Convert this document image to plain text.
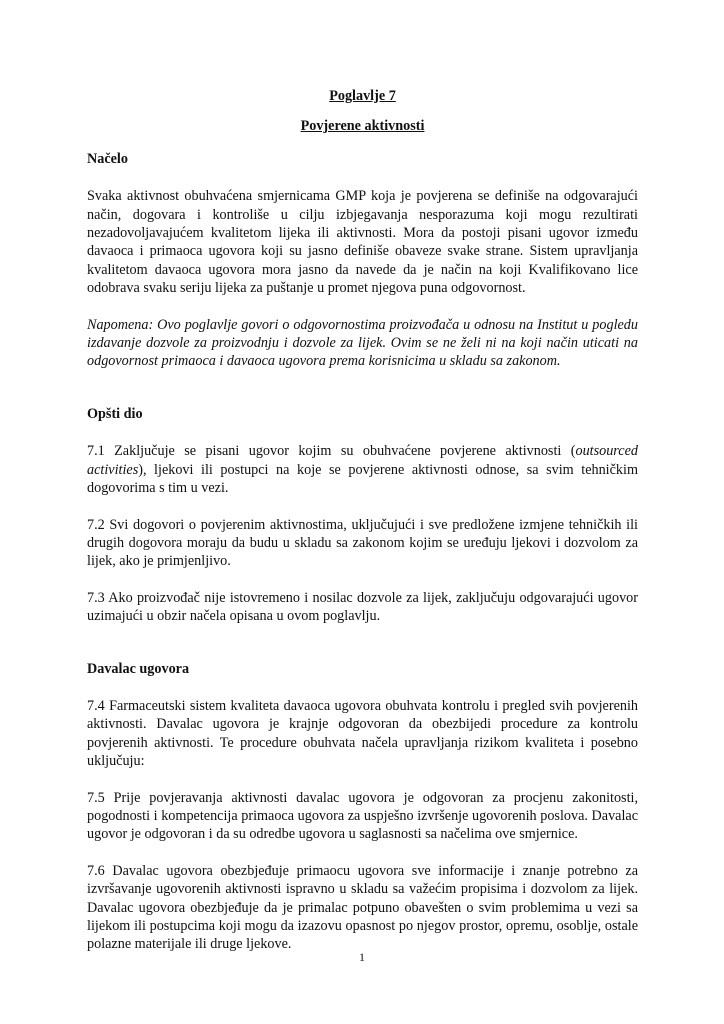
Poglavlje 7

Povjerene aktivnosti

Načelo

Svaka aktivnost obuhvaćena smjernicama GMP koja je povjerena se definiše na odgovarajući način, dogovara i kontroliše u cilju izbjegavanja nesporazuma koji mogu rezultirati nezadovoljavajućem kvalitetom lijeka ili aktivnosti. Mora da postoji pisani ugovor između davaoca i primaoca ugovora koji su jasno definiše obaveze svake strane. Sistem upravljanja kvalitetom davaoca ugovora mora jasno da navede da je način na koji Kvalifikovano lice odobrava svaku seriju lijeka za puštanje u promet njegova puna odgovornost.

Napomena: Ovo poglavlje govori o odgovornostima proizvođača u odnosu na Institut u pogledu izdavanje dozvole za proizvodnju i dozvole za lijek. Ovim se ne želi ni na koji način uticati na odgovornost primaoca i davaoca ugovora prema korisnicima u skladu sa zakonom.

Opšti dio

7.1 Zaključuje se pisani ugovor kojim su obuhvaćene povjerene aktivnosti (outsourced activities), ljekovi ili postupci na koje se povjerene aktivnosti odnose, sa svim tehničkim dogovorima s tim u vezi.

7.2 Svi dogovori o povjerenim aktivnostima, uključujući i sve predložene izmjene tehničkih ili drugih dogovora moraju da budu u skladu sa zakonom kojim se uređuju ljekovi i dozvolom za lijek, ako je primjenljivo.

7.3 Ako proizvođač nije istovremeno i nosilac dozvole za lijek, zaključuju odgovarajući ugovor uzimajući u obzir načela opisana u ovom poglavlju.

Davalac ugovora

7.4 Farmaceutski sistem kvaliteta davaoca ugovora obuhvata kontrolu i pregled svih povjerenih aktivnosti. Davalac ugovora je krajnje odgovoran da obezbijedi procedure za kontrolu povjerenih aktivnosti. Te procedure obuhvata načela upravljanja rizikom kvaliteta i posebno uključuju:

7.5 Prije povjeravanja aktivnosti davalac ugovora je odgovoran za procjenu zakonitosti, pogodnosti i kompetencija primaoca ugovora za uspješno izvršenje ugovorenih poslova. Davalac ugovor je odgovoran i da su odredbe ugovora u saglasnosti sa načelima ove smjernice.

7.6 Davalac ugovora obezbjeđuje primaocu ugovora sve informacije i znanje potrebno za izvršavanje ugovorenih aktivnosti ispravno u skladu sa važećim propisima i dozvolom za lijek. Davalac ugovora obezbjeđuje da je primalac potpuno obavešten o svim problemima u vezi sa lijekom ili postupcima koji mogu da izazovu opasnost po njegov prostor, opremu, osoblje, ostale polazne materijale ili druge ljekove.

1
